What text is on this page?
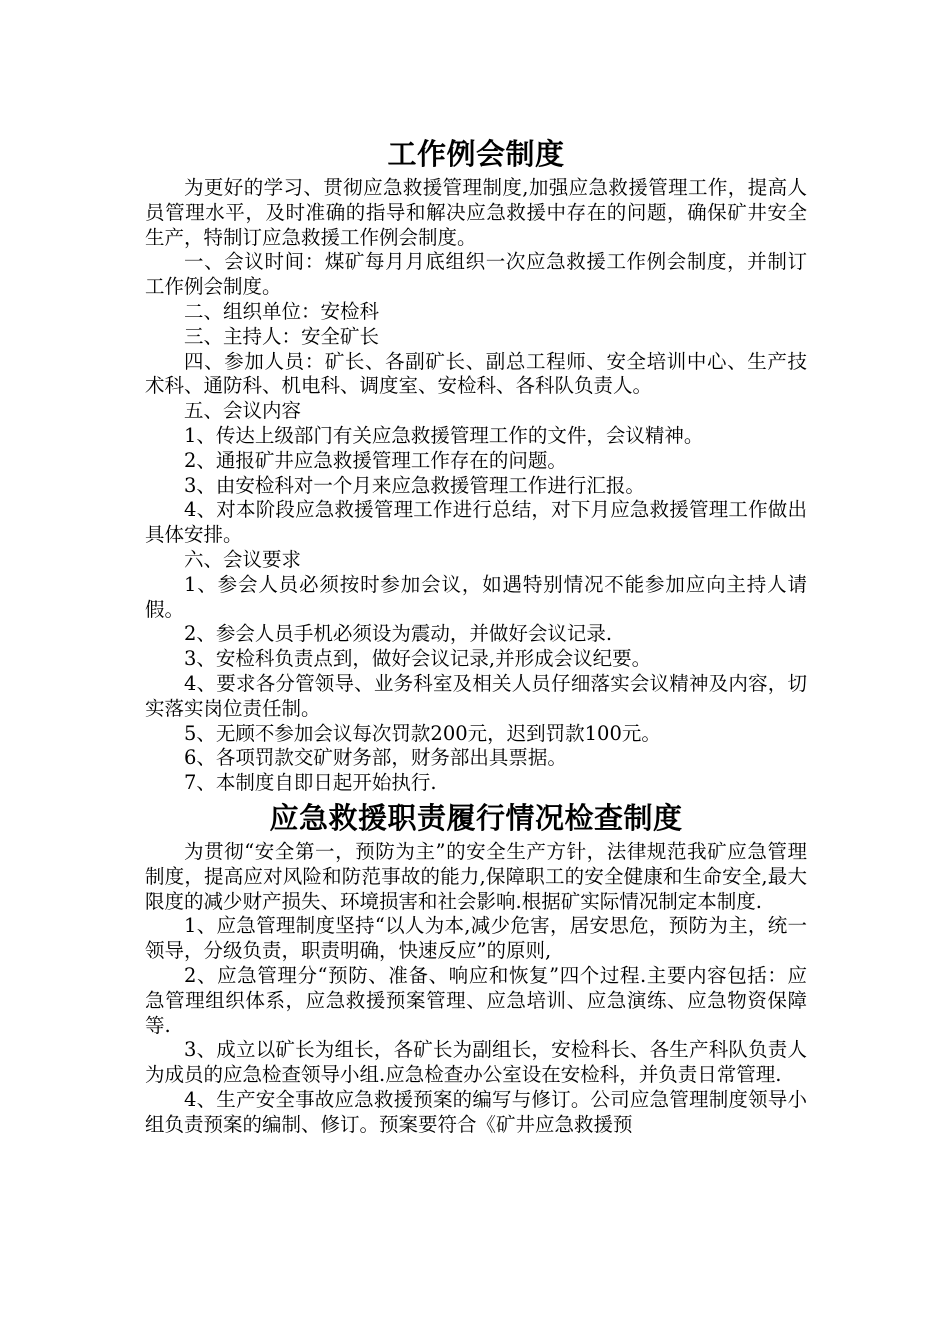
工作例会制度

为更好的学习、贯彻应急救援管理制度,加强应急救援管理工作，提高人员管理水平，及时准确的指导和解决应急救援中存在的问题，确保矿井安全生产，特制订应急救援工作例会制度。

一、会议时间：煤矿每月月底组织一次应急救援工作例会制度，并制订工作例会制度。

二、组织单位：安检科

三、主持人：安全矿长

四、参加人员：矿长、各副矿长、副总工程师、安全培训中心、生产技术科、通防科、机电科、调度室、安检科、各科队负责人。

五、会议内容

1、传达上级部门有关应急救援管理工作的文件，会议精神。

2、通报矿井应急救援管理工作存在的问题。

3、由安检科对一个月来应急救援管理工作进行汇报。

4、对本阶段应急救援管理工作进行总结，对下月应急救援管理工作做出具体安排。

六、会议要求

1、参会人员必须按时参加会议，如遇特别情况不能参加应向主持人请假。

2、参会人员手机必须设为震动，并做好会议记录.

3、安检科负责点到，做好会议记录,并形成会议纪要。

4、要求各分管领导、业务科室及相关人员仔细落实会议精神及内容，切实落实岗位责任制。

5、无顾不参加会议每次罚款200元，迟到罚款100元。

6、各项罚款交矿财务部，财务部出具票据。

7、本制度自即日起开始执行.

应急救援职责履行情况检查制度

为贯彻“安全第一，预防为主”的安全生产方针，法律规范我矿应急管理制度，提高应对风险和防范事故的能力,保障职工的安全健康和生命安全,最大限度的减少财产损失、环境损害和社会影响.根据矿实际情况制定本制度.

1、应急管理制度坚持“以人为本,减少危害，居安思危，预防为主，统一领导，分级负责，职责明确，快速反应”的原则,

2、应急管理分“预防、准备、响应和恢复”四个过程.主要内容包括：应急管理组织体系，应急救援预案管理、应急培训、应急演练、应急物资保障等.

3、成立以矿长为组长，各矿长为副组长，安检科长、各生产科队负责人为成员的应急检查领导小组.应急检查办公室设在安检科，并负责日常管理.

4、生产安全事故应急救援预案的编写与修订。公司应急管理制度领导小组负责预案的编制、修订。预案要符合《矿井应急救援预
